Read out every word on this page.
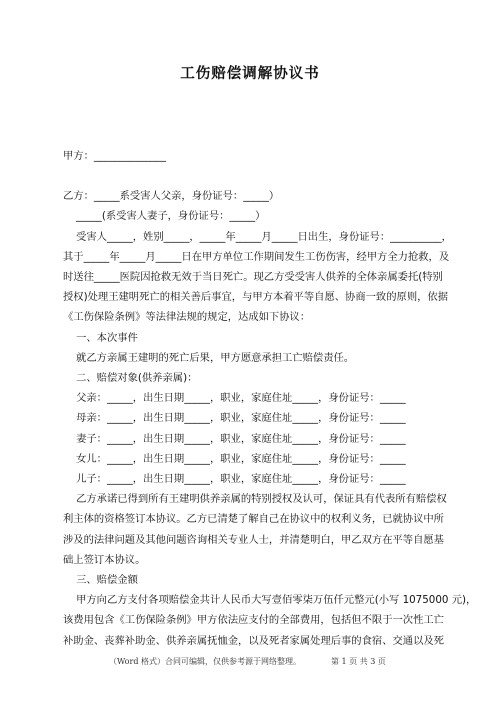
工伤赔偿调解协议书

甲方：______________

乙方：_____系受害人父亲，身份证号：_____）

_____(系受害人妻子，身份证号：_____）

受害人_____，姓别_____，_____年_____月_____日出生，身份证号：__________，

其于_____年_____月_____日在甲方单位工作期间发生工伤伤害，经甲方全力抢救，及

时送往_____医院因抢救无效于当日死亡。现乙方受受害人供养的全体亲属委托(特别

授权)处理王建明死亡的相关善后事宜，与甲方本着平等自愿、协商一致的原则，依据

《工伤保险条例》等法律法规的规定，达成如下协议：

一、本次事件

就乙方亲属王建明的死亡后果，甲方愿意承担工亡赔偿责任。

二、赔偿对象(供养亲属)：

父亲：_____，出生日期_____，职业，家庭住址_____，身份证号：_____

母亲：_____，出生日期_____，职业，家庭住址_____，身份证号：_____

妻子：_____，出生日期_____，职业，家庭住址_____，身份证号：_____

女儿：_____，出生日期_____，职业，家庭住址_____，身份证号：_____

儿子：_____，出生日期_____，职业，家庭住址_____，身份证号：_____

乙方承诺已得到所有王建明供养亲属的特别授权及认可，保证具有代表所有赔偿权

利主体的资格签订本协议。乙方已清楚了解自己在协议中的权利义务，已就协议中所

涉及的法律问题及其他问题咨询相关专业人士，并清楚明白，甲乙双方在平等自愿基

础上签订本协议。

三、赔偿金额

甲方向乙方支付各项赔偿金共计人民币大写壹佰零柒万伍仟元整元(小写 1075000 元)，

该费用包含《工伤保险条例》甲方依法应支付的全部费用，包括但不限于一次性工亡

补助金、丧葬补助金、供养亲属抚恤金，以及死者家属处理后事的食宿、交通以及死

（Word 格式）合同可编辑，仅供参考源于网络整理。	第 1 页 共 3 页
